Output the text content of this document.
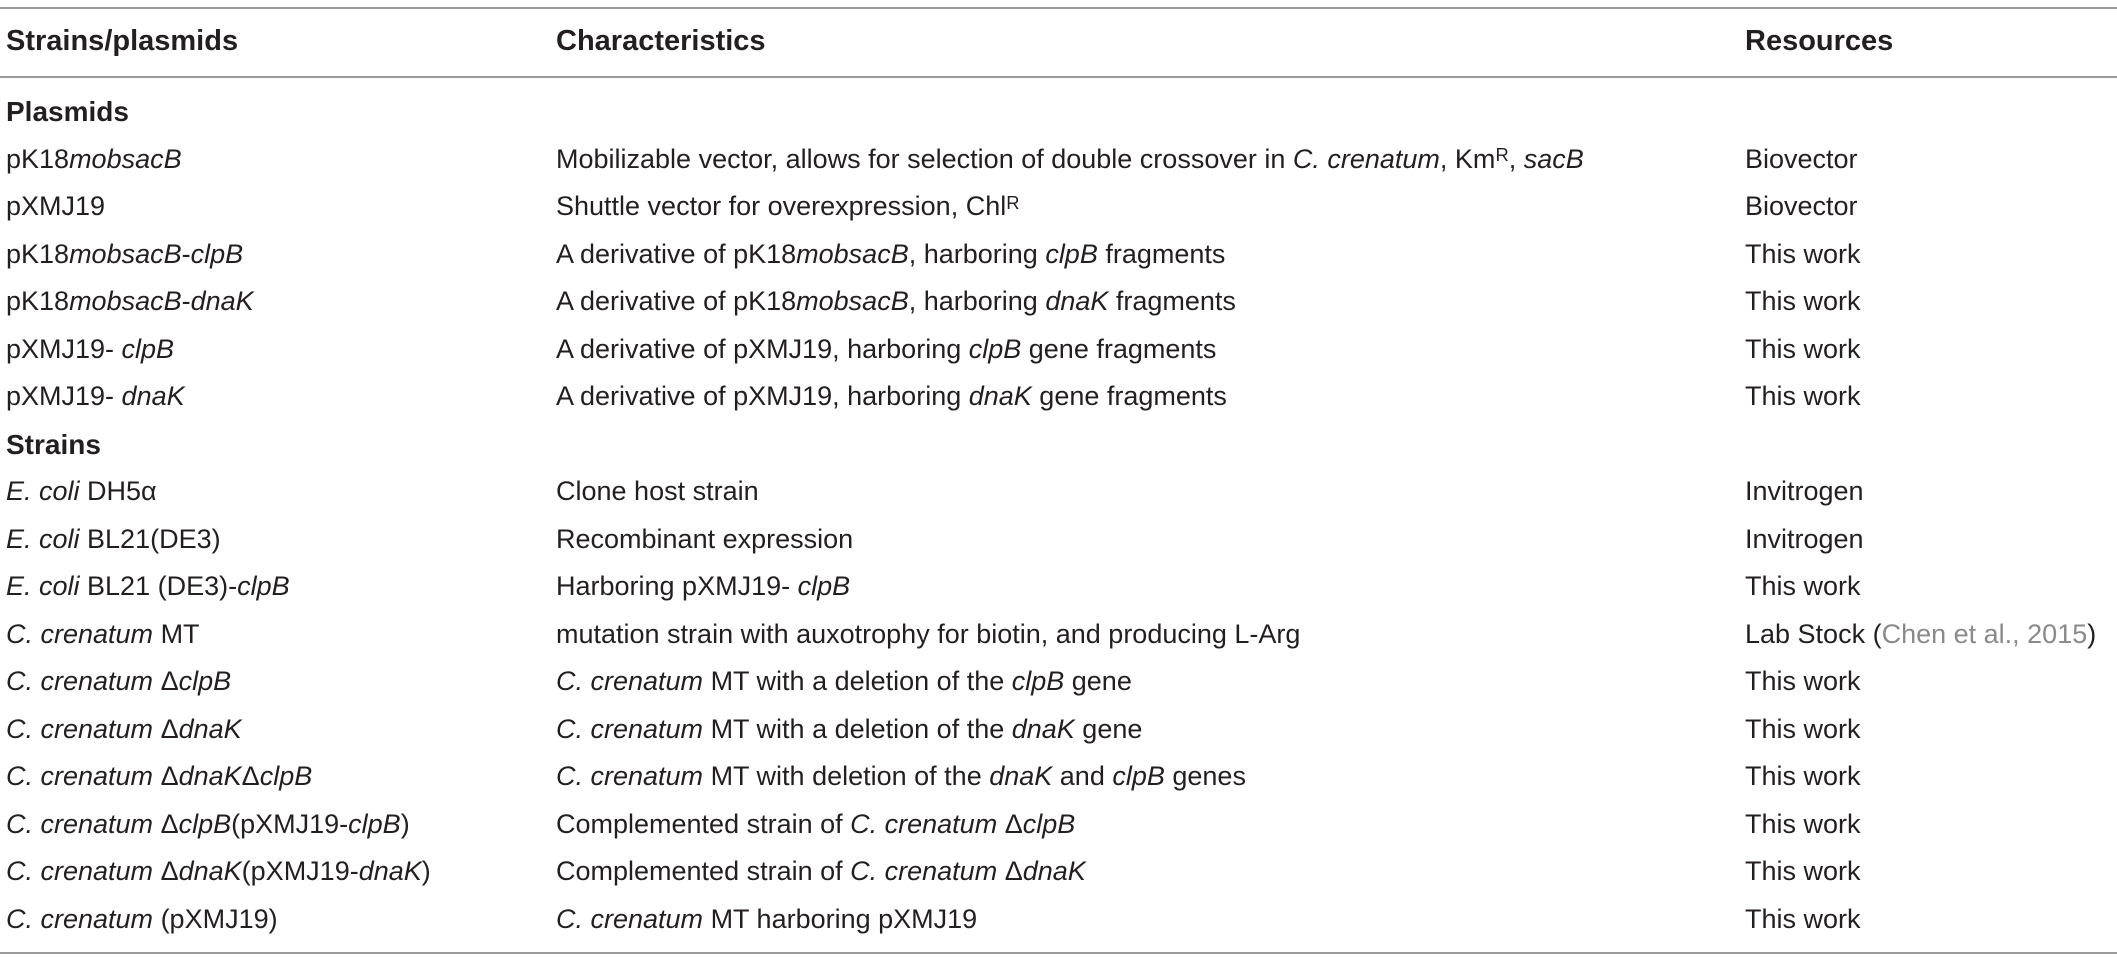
Strains/plasmids	Characteristics	Resources
Plasmids
pK18mobsacB	Mobilizable vector, allows for selection of double crossover in C. crenatum, $Km^R$, sacB	Biovector
pXMJ19	Shuttle vector for overexpression, Chl$^R$	Biovector
pK18mobsacB-clpB	A derivative of pK18mobsacB, harboring clpB fragments	This work
pK18mobsacB-dnaK	A derivative of pK18mobsacB, harboring dnaK fragments	This work
pXMJ19- clpB	A derivative of pXMJ19, harboring clpB gene fragments	This work
pXMJ19- dnaK	A derivative of pXMJ19, harboring dnaK gene fragments	This work
Strains
E. coli DH5α	Clone host strain	Invitrogen
E. coli BL21(DE3)	Recombinant expression	Invitrogen
E. coli BL21 (DE3)-clpB	Harboring pXMJ19- clpB	This work
C. crenatum MT	mutation strain with auxotrophy for biotin, and producing L-Arg	Lab Stock (Chen et al., 2015)
C. crenatum ΔclpB	C. crenatum MT with a deletion of the clpB gene	This work
C. crenatum ΔdnaK	C. crenatum MT with a deletion of the dnaK gene	This work
C. crenatum ΔdnaKΔclpB	C. crenatum MT with deletion of the dnaK and clpB genes	This work
C. crenatum ΔclpB(pXMJ19-clpB)	Complemented strain of C. crenatum ΔclpB	This work
C. crenatum ΔdnaK(pXMJ19-dnaK)	Complemented strain of C. crenatum ΔdnaK	This work
C. crenatum (pXMJ19)	C. crenatum MT harboring pXMJ19	This work
